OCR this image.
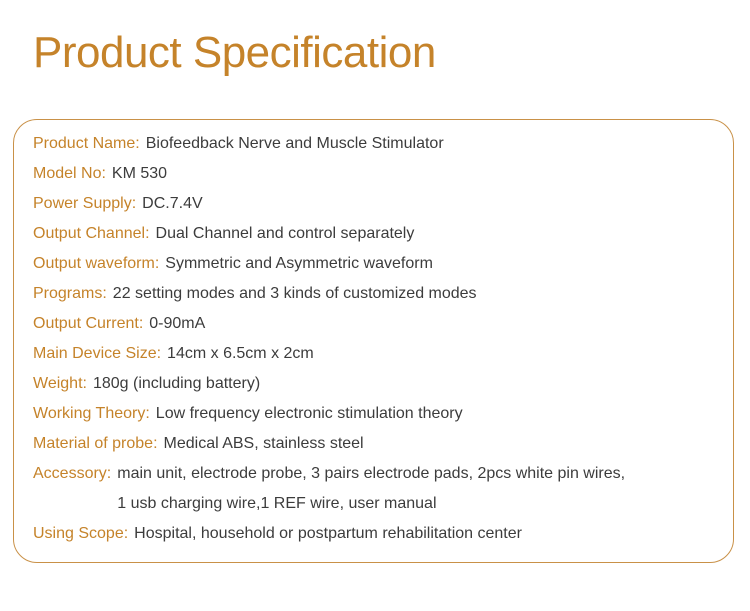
Product Specification
Product Name: Biofeedback Nerve and Muscle Stimulator
Model No: KM 530
Power Supply: DC.7.4V
Output Channel: Dual Channel and control separately
Output waveform: Symmetric and Asymmetric waveform
Programs: 22 setting modes and 3 kinds of customized modes
Output Current: 0-90mA
Main Device Size: 14cm x 6.5cm x 2cm
Weight: 180g (including battery)
Working Theory: Low frequency electronic stimulation theory
Material of probe: Medical ABS, stainless steel
Accessory: main unit, electrode probe, 3 pairs electrode pads, 2pcs white pin wires,
1 usb charging wire,1 REF wire, user manual
Using Scope: Hospital, household or postpartum rehabilitation center
